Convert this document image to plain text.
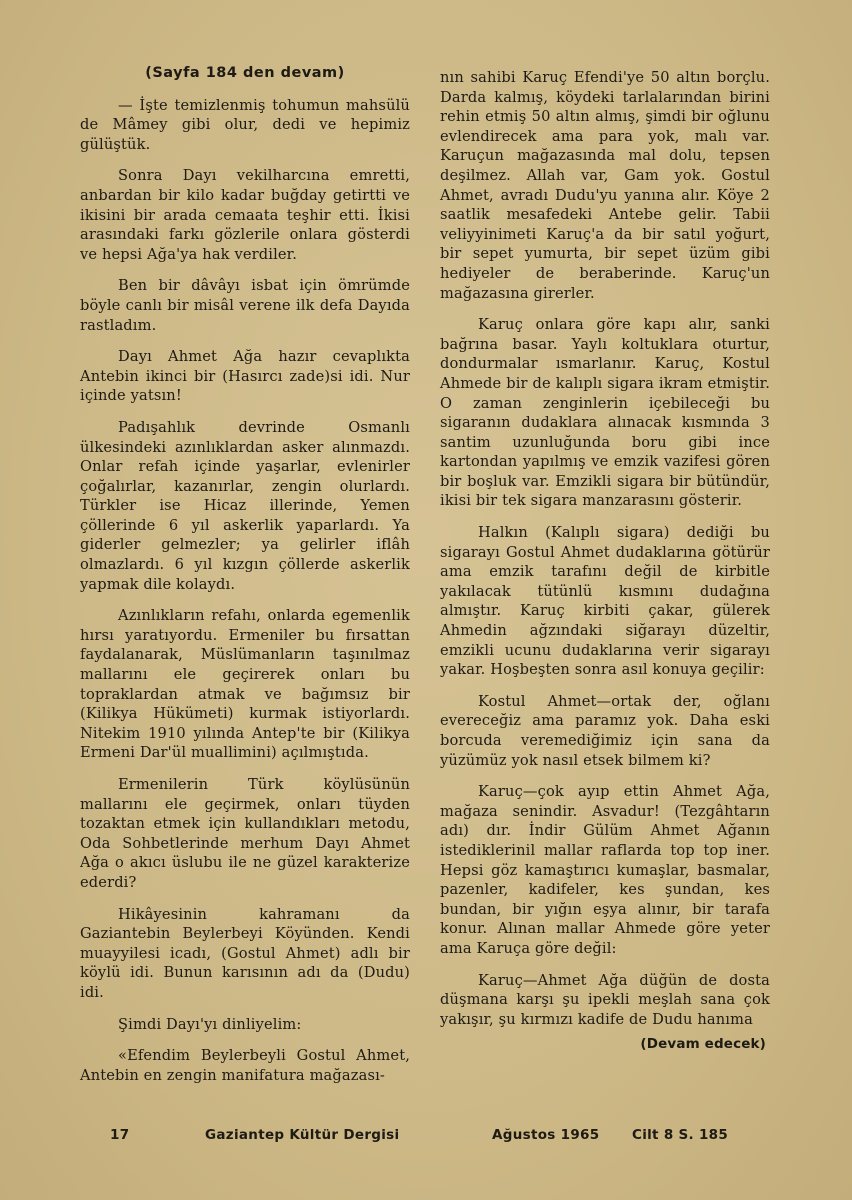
(Sayfa 184 den devam)

— İşte temizlenmiş tohumun mahsülü de Mâmey gibi olur, dedi ve hepimiz gülüştük.

Sonra Dayı vekilharcına emretti, anbardan bir kilo kadar buğday getirtti ve ikisini bir arada cemaata teşhir etti. İkisi arasındaki farkı gözlerile onlara gösterdi ve hepsi Ağa'ya hak verdiler.

Ben bir dâvâyı isbat için ömrümde böyle canlı bir misâl verene ilk defa Dayıda rastladım.

Dayı Ahmet Ağa hazır cevaplıkta Antebin ikinci bir (Hasırcı zade)si idi. Nur içinde yatsın!

Padışahlık devrinde Osmanlı ülkesindeki azınlıklardan asker alınmazdı. Onlar refah içinde yaşarlar, evlenirler çoğalırlar, kazanırlar, zengin olurlardı. Türkler ise Hicaz illerinde, Yemen çöllerinde 6 yıl askerlik yaparlardı. Ya giderler gelmezler; ya gelirler iflâh olmazlardı. 6 yıl kızgın çöllerde askerlik yapmak dile kolaydı.

Azınlıkların refahı, onlarda egemenlik hırsı yaratıyordu. Ermeniler bu fırsattan faydalanarak, Müslümanların taşınılmaz mallarını ele geçirerek onları bu topraklardan atmak ve bağımsız bir (Kilikya Hükümeti) kurmak istiyorlardı. Nitekim 1910 yılında Antep'te bir (Kilikya Ermeni Dar'ül muallimini) açılmıştıda.

Ermenilerin Türk köylüsünün mallarını ele geçirmek, onları tüyden tozaktan etmek için kullandıkları metodu, Oda Sohbetlerinde merhum Dayı Ahmet Ağa o akıcı üslubu ile ne güzel karakterize ederdi?

Hikâyesinin kahramanı da Gaziantebin Beylerbeyi Köyünden. Kendi muayyilesi icadı, (Gostul Ahmet) adlı bir köylü idi. Bunun karısının adı da (Dudu) idi.

Şimdi Dayı'yı dinliyelim:

«Efendim Beylerbeyli Gostul Ahmet, Antebin en zengin manifatura mağazası-

nın sahibi Karuç Efendi'ye 50 altın borçlu. Darda kalmış, köydeki tarlalarından birini rehin etmiş 50 altın almış, şimdi bir oğlunu evlendirecek ama para yok, malı var. Karuçun mağazasında mal dolu, tepsen deşilmez. Allah var, Gam yok. Gostul Ahmet, avradı Dudu'yu yanına alır. Köye 2 saatlik mesafedeki Antebe gelir. Tabii veliyyinimeti Karuç'a da bir satıl yoğurt, bir sepet yumurta, bir sepet üzüm gibi hediyeler de beraberinde. Karuç'un mağazasına girerler.

Karuç onlara göre kapı alır, sanki bağrına basar. Yaylı koltuklara oturtur, dondurmalar ısmarlanır. Karuç, Kostul Ahmede bir de kalıplı sigara ikram etmiştir. O zaman zenginlerin içebileceği bu sigaranın dudaklara alınacak kısmında 3 santim uzunluğunda boru gibi ince kartondan yapılmış ve emzik vazifesi gören bir boşluk var. Emzikli sigara bir bütündür, ikisi bir tek sigara manzarasını gösterir.

Halkın (Kalıplı sigara) dediği bu sigarayı Gostul Ahmet dudaklarına götürür ama emzik tarafını değil de kirbitle yakılacak tütünlü kısmını dudağına almıştır. Karuç kirbiti çakar, gülerek Ahmedin ağzındaki siğarayı düzeltir, emzikli ucunu dudaklarına verir sigarayı yakar. Hoşbeşten sonra asıl konuya geçilir:

Kostul Ahmet—ortak der, oğlanı evereceğiz ama paramız yok. Daha eski borcuda veremediğimiz için sana da yüzümüz yok nasıl etsek bilmem ki?

Karuç—çok ayıp ettin Ahmet Ağa, mağaza senindir. Asvadur! (Tezgâhtarın adı) dır. İndir Gülüm Ahmet Ağanın istediklerinil mallar raflarda top top iner. Hepsi göz kamaştırıcı kumaşlar, basmalar, pazenler, kadifeler, kes şundan, kes bundan, bir yığın eşya alınır, bir tarafa konur. Alınan mallar Ahmede göre yeter ama Karuça göre değil:

Karuç—Ahmet Ağa düğün de dosta düşmana karşı şu ipekli meşlah sana çok yakışır, şu kırmızı kadife de Dudu hanıma

(Devam edecek)
17	Gaziantep Kültür Dergisi	Ağustos 1965 Cilt 8 S. 185
